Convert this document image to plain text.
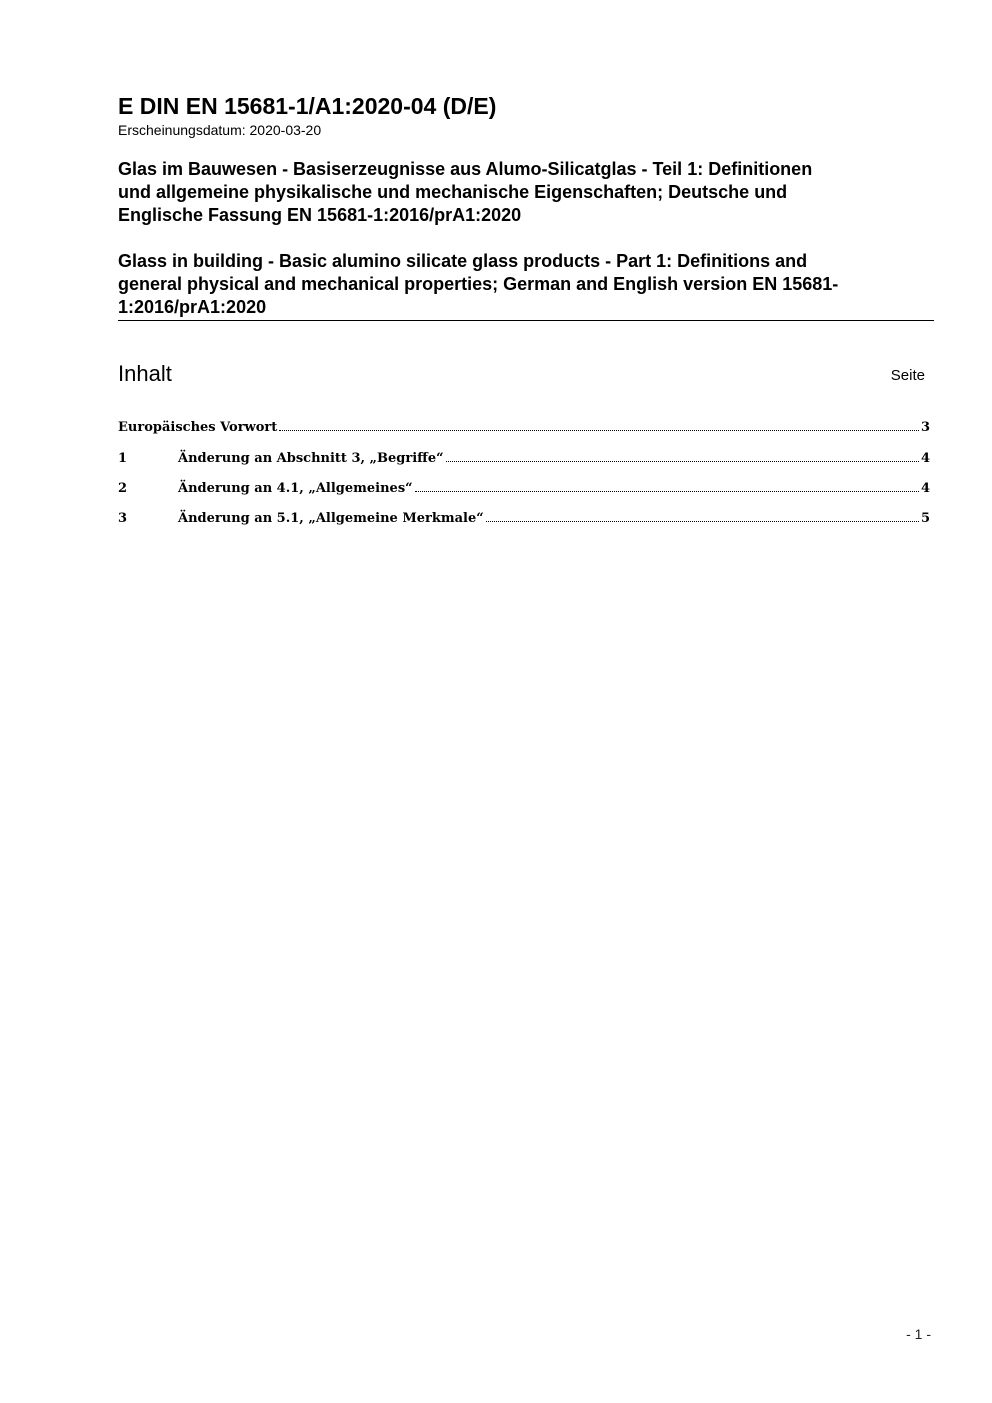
E DIN EN 15681-1/A1:2020-04 (D/E)
Erscheinungsdatum: 2020-03-20
Glas im Bauwesen - Basiserzeugnisse aus Alumo-Silicatglas - Teil 1: Definitionen
und allgemeine physikalische und mechanische Eigenschaften; Deutsche und
Englische Fassung EN 15681-1:2016/prA1:2020
Glass in building - Basic alumino silicate glass products - Part 1: Definitions and
general physical and mechanical properties; German and English version EN 15681-
1:2016/prA1:2020
Inhalt	Seite
Europäisches Vorwort	3
1	Änderung an Abschnitt 3, „Begriffe“	4
2	Änderung an 4.1, „Allgemeines“	4
3	Änderung an 5.1, „Allgemeine Merkmale“	5
- 1 -
